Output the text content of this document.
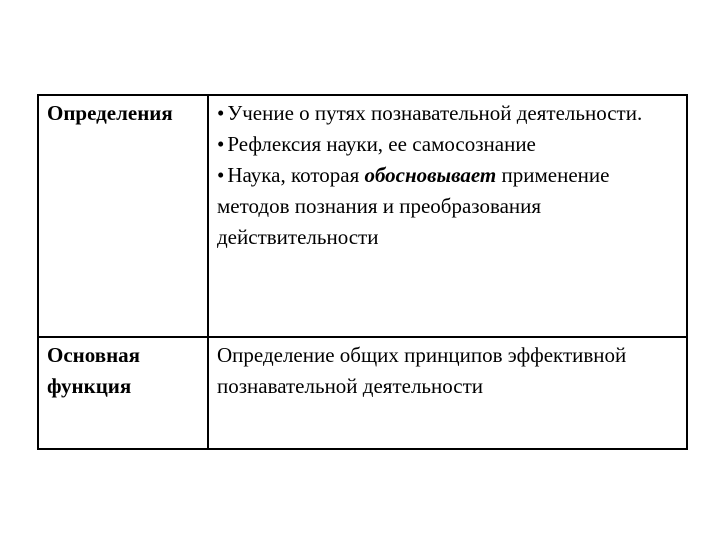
Определения	• Учение о путях познавательной деятельности.
• Рефлексия науки, ее самосознание
• Наука, которая обосновывает применение методов познания и преобразования действительности

Основная функция	Определение общих принципов эффективной познавательной деятельности
